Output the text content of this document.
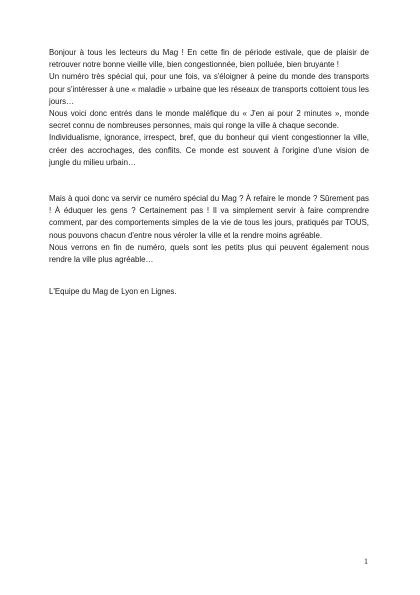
Bonjour à tous les lecteurs du Mag ! En cette fin de période estivale, que de plaisir de retrouver notre bonne vieille ville, bien congestionnée, bien polluée, bien bruyante !

Un numéro très spécial qui, pour une fois, va s'éloigner à peine du monde des transports pour s'intéresser à une « maladie » urbaine que les réseaux de transports cottoient tous les jours…

Nous voici donc entrés dans le monde maléfique du « J'en ai pour 2 minutes », monde secret connu de nombreuses personnes, mais qui ronge la ville à chaque seconde.

Individualisme, ignorance, irrespect, bref, que du bonheur qui vient congestionner la ville, créer des accrochages, des conflits. Ce monde est souvent à l'origine d'une vision de jungle du milieu urbain…

Mais à quoi donc va servir ce numéro spécial du Mag ? À refaire le monde ? Sûrement pas ! À éduquer les gens ? Certainement pas ! Il va simplement servir à faire comprendre comment, par des comportements simples de la vie de tous les jours, pratiqués par TOUS, nous pouvons chacun d'entre nous véroler la ville et la rendre moins agréable.

Nous verrons en fin de numéro, quels sont les petits plus qui peuvent également nous rendre la ville plus agréable…

L'Equipe du Mag de Lyon en Lignes.

1
